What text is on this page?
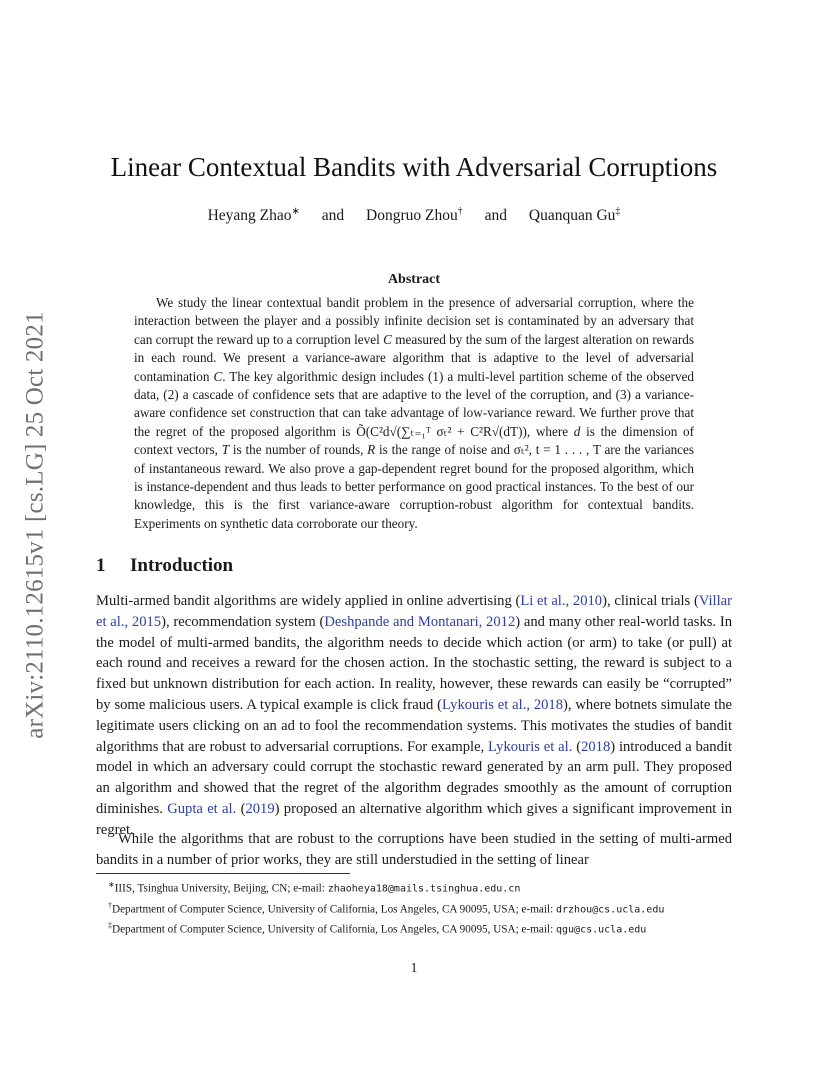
arXiv:2110.12615v1 [cs.LG] 25 Oct 2021
Linear Contextual Bandits with Adversarial Corruptions
Heyang Zhao∗ and Dongruo Zhou† and Quanquan Gu‡
Abstract

We study the linear contextual bandit problem in the presence of adversarial corruption, where the interaction between the player and a possibly infinite decision set is contaminated by an adversary that can corrupt the reward up to a corruption level C measured by the sum of the largest alteration on rewards in each round. We present a variance-aware algorithm that is adaptive to the level of adversarial contamination C. The key algorithmic design includes (1) a multi-level partition scheme of the observed data, (2) a cascade of confidence sets that are adaptive to the level of the corruption, and (3) a variance-aware confidence set construction that can take advantage of low-variance reward. We further prove that the regret of the proposed algorithm is Õ(C²d√(∑ₜ₌₁ᵀ σₜ² + C²R√(dT)), where d is the dimension of context vectors, T is the number of rounds, R is the range of noise and σₜ², t = 1 . . . , T are the variances of instantaneous reward. We also prove a gap-dependent regret bound for the proposed algorithm, which is instance-dependent and thus leads to better performance on good practical instances. To the best of our knowledge, this is the first variance-aware corruption-robust algorithm for contextual bandits. Experiments on synthetic data corroborate our theory.

1 Introduction

Multi-armed bandit algorithms are widely applied in online advertising (Li et al., 2010), clinical trials (Villar et al., 2015), recommendation system (Deshpande and Montanari, 2012) and many other real-world tasks. In the model of multi-armed bandits, the algorithm needs to decide which action (or arm) to take (or pull) at each round and receives a reward for the chosen action. In the stochastic setting, the reward is subject to a fixed but unknown distribution for each action. In reality, however, these rewards can easily be “corrupted” by some malicious users. A typical example is click fraud (Lykouris et al., 2018), where botnets simulate the legitimate users clicking on an ad to fool the recommendation systems. This motivates the studies of bandit algorithms that are robust to adversarial corruptions. For example, Lykouris et al. (2018) introduced a bandit model in which an adversary could corrupt the stochastic reward generated by an arm pull. They proposed an algorithm and showed that the regret of the algorithm degrades smoothly as the amount of corruption diminishes. Gupta et al. (2019) proposed an alternative algorithm which gives a significant improvement in regret.

While the algorithms that are robust to the corruptions have been studied in the setting of multi-armed bandits in a number of prior works, they are still understudied in the setting of linear

∗IIIS, Tsinghua University, Beijing, CN; e-mail: zhaoheya18@mails.tsinghua.edu.cn

†Department of Computer Science, University of California, Los Angeles, CA 90095, USA; e-mail: drzhou@cs.ucla.edu

‡Department of Computer Science, University of California, Los Angeles, CA 90095, USA; e-mail: qgu@cs.ucla.edu

1
